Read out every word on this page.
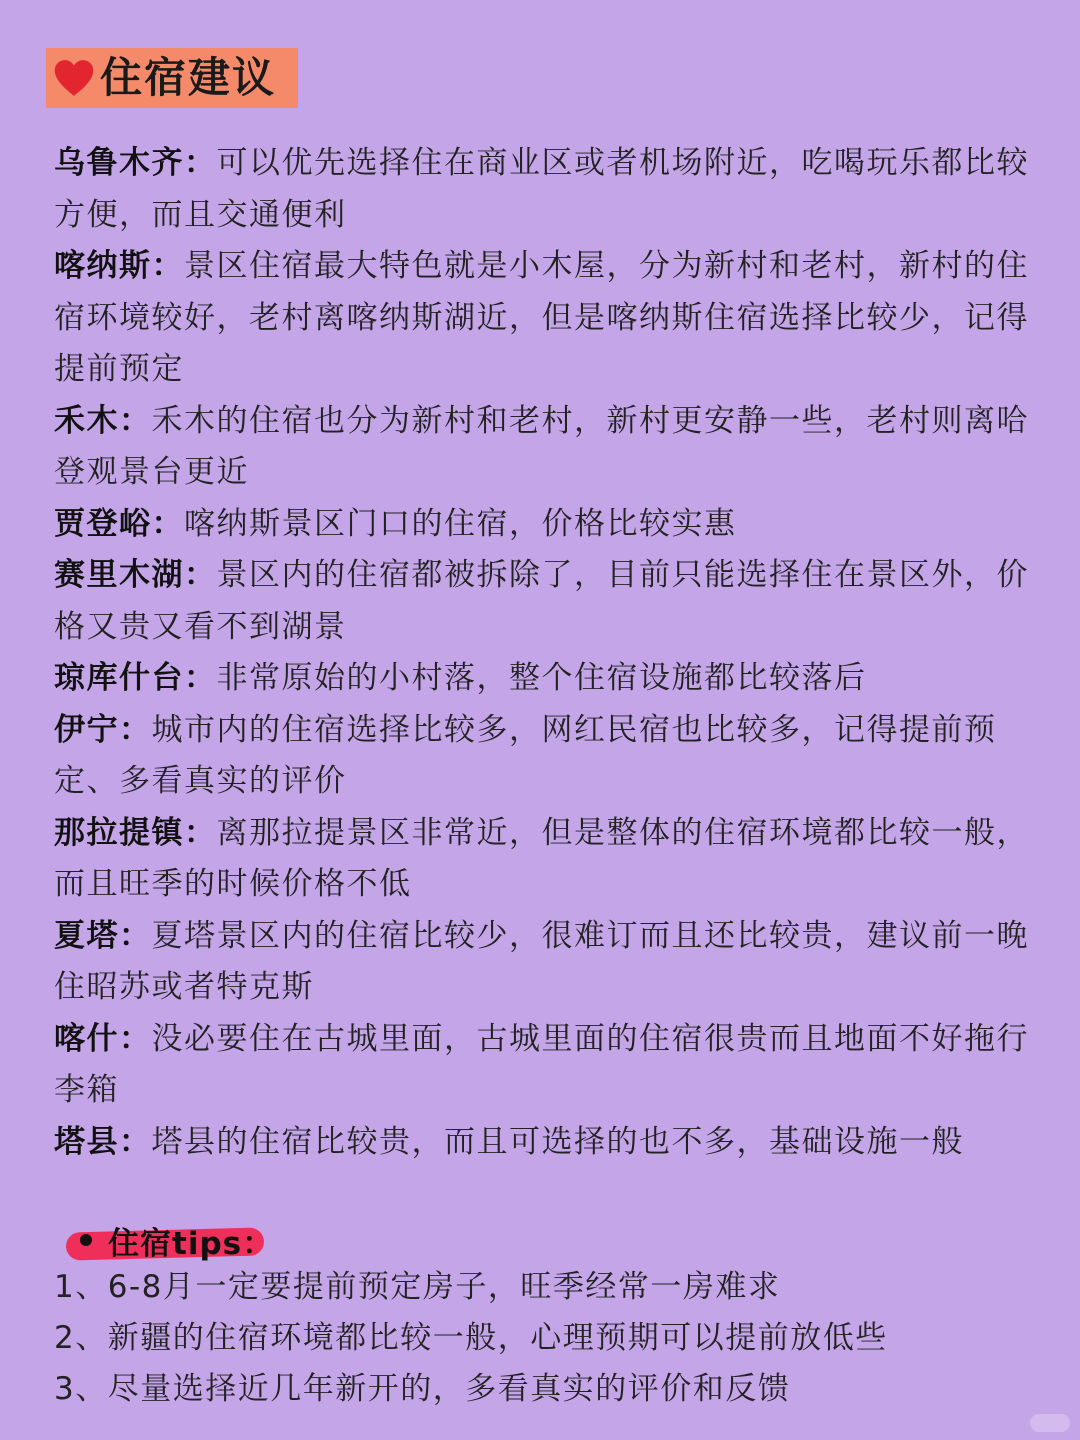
住宿建议

乌鲁木齐：可以优先选择住在商业区或者机场附近，吃喝玩乐都比较方便，而且交通便利

喀纳斯：景区住宿最大特色就是小木屋，分为新村和老村，新村的住宿环境较好，老村离喀纳斯湖近，但是喀纳斯住宿选择比较少，记得提前预定

禾木：禾木的住宿也分为新村和老村，新村更安静一些，老村则离哈登观景台更近

贾登峪：喀纳斯景区门口的住宿，价格比较实惠

赛里木湖：景区内的住宿都被拆除了，目前只能选择住在景区外，价格又贵又看不到湖景

琼库什台：非常原始的小村落，整个住宿设施都比较落后

伊宁：城市内的住宿选择比较多，网红民宿也比较多，记得提前预定、多看真实的评价

那拉提镇：离那拉提景区非常近，但是整体的住宿环境都比较一般，而且旺季的时候价格不低

夏塔：夏塔景区内的住宿比较少，很难订而且还比较贵，建议前一晚住昭苏或者特克斯

喀什：没必要住在古城里面，古城里面的住宿很贵而且地面不好拖行李箱

塔县：塔县的住宿比较贵，而且可选择的也不多，基础设施一般

住宿tips：
1、6-8月一定要提前预定房子，旺季经常一房难求
2、新疆的住宿环境都比较一般，心理预期可以提前放低些
3、尽量选择近几年新开的，多看真实的评价和反馈
